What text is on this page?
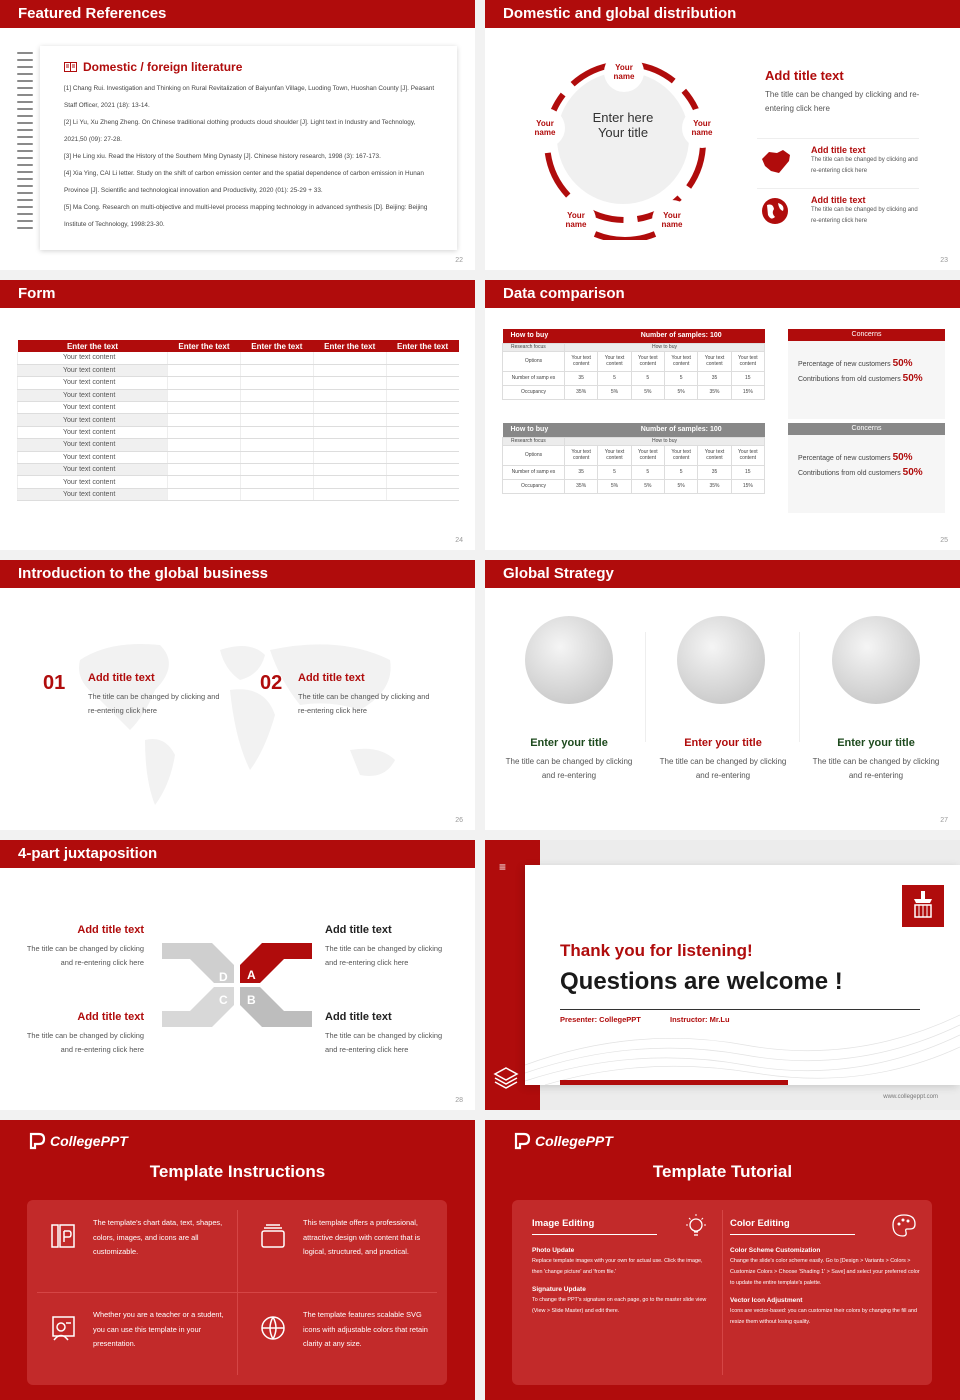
Featured References
Domestic / foreign literature
[1] Chang Rui. Investigation and Thinking on Rural Revitalization of Baiyunfan Village, Luoding Town, Huoshan County [J]. Peasant Staff Officer, 2021 (18): 13-14.
[2] Li Yu, Xu Zheng Zheng. On Chinese traditional clothing products cloud shoulder [J]. Light text in Industry and Technology, 2021,50 (09): 27-28.
[3] He Ling xiu. Read the History of the Southern Ming Dynasty [J]. Chinese history research, 1998 (3): 167-173.
[4] Xia Ying, CAI Li letter. Study on the shift of carbon emission center and the spatial dependence of carbon emission in Hunan Province [J]. Scientific and technological innovation and Productivity, 2020 (01): 25-29 + 33.
[5] Ma Cong. Research on multi-objective and multi-level process mapping technology in advanced synthesis [D]. Beijing: Beijing Institute of Technology, 1998:23-30.
22
Domestic and global distribution
Enter here
Your title
Your
name
Your
name
Your
name
Your
name
Your
name
Add title text
The title can be changed by clicking and re-entering click here
Add title text
The title can be changed by clicking and re-entering click here
Add title text
The title can be changed by clicking and re-entering click here
23
Form
24
Enter the text	Enter the text	Enter the text	Enter the text	Enter the text
Your text content				
Your text content				
Your text content				
Your text content				
Your text content				
Your text content				
Your text content				
Your text content				
Your text content				
Your text content				
Your text content				
Your text content				
Data comparison
How to buy		Number of samples: 100				
Research focus	How to buy					
Options	Your text content	Your text content	Your text content	Your text content	Your text content	Your text content
Number of samp es	35	5	5	5	35	15
Occupancy	35%	5%	5%	5%	35%	15%
How to buy		Number of samples: 100				
Research focus	How to buy					
Options	Your text content	Your text content	Your text content	Your text content	Your text content	Your text content
Number of samp es	35	5	5	5	35	15
Occupancy	35%	5%	5%	5%	35%	15%
Concerns
Percentage of new customers 50%
Contributions from old customers 50%
Concerns
Percentage of new customers 50%
Contributions from old customers 50%
25
Introduction to the global business
01 Add title text
The title can be changed by clicking and re-entering click here
02 Add title text
The title can be changed by clicking and re-entering click here
26
Global Strategy
Enter your title
The title can be changed by clicking and re-entering
Enter your title
The title can be changed by clicking and re-entering
Enter your title
The title can be changed by clicking and re-entering
27
4-part juxtaposition
Add title text
The title can be changed by clicking and re-entering click here
Add title text
The title can be changed by clicking and re-entering click here
Add title text
The title can be changed by clicking and re-entering click here
Add title text
The title can be changed by clicking and re-entering click here
D A
C B
28
≡
Thank you for listening!
Questions are welcome !
Presenter: CollegePPT	Instructor: Mr.Lu
www.collegeppt.com
CollegePPT
Template Instructions
The template's chart data, text, shapes, colors, images, and icons are all customizable.
This template offers a professional, attractive design with content that is logical, structured, and practical.
Whether you are a teacher or a student, you can use this template in your presentation.
The template features scalable SVG icons with adjustable colors that retain clarity at any size.
CollegePPT
Template Tutorial
Image Editing
Photo Update
Replace template images with your own for actual use. Click the image, then 'change picture' and 'from file.'
Signature Update
To change the PPT's signature on each page, go to the master slide view (View > Slide Master) and edit there.
Color Editing
Color Scheme Customization
Change the slide's color scheme easily. Go to [Design > Variants > Colors > Customize Colors > Choose 'Shading 1' > Save] and select your preferred color to update the entire template's palette.
Vector Icon Adjustment
Icons are vector-based: you can customize their colors by changing the fill and resize them without losing quality.
